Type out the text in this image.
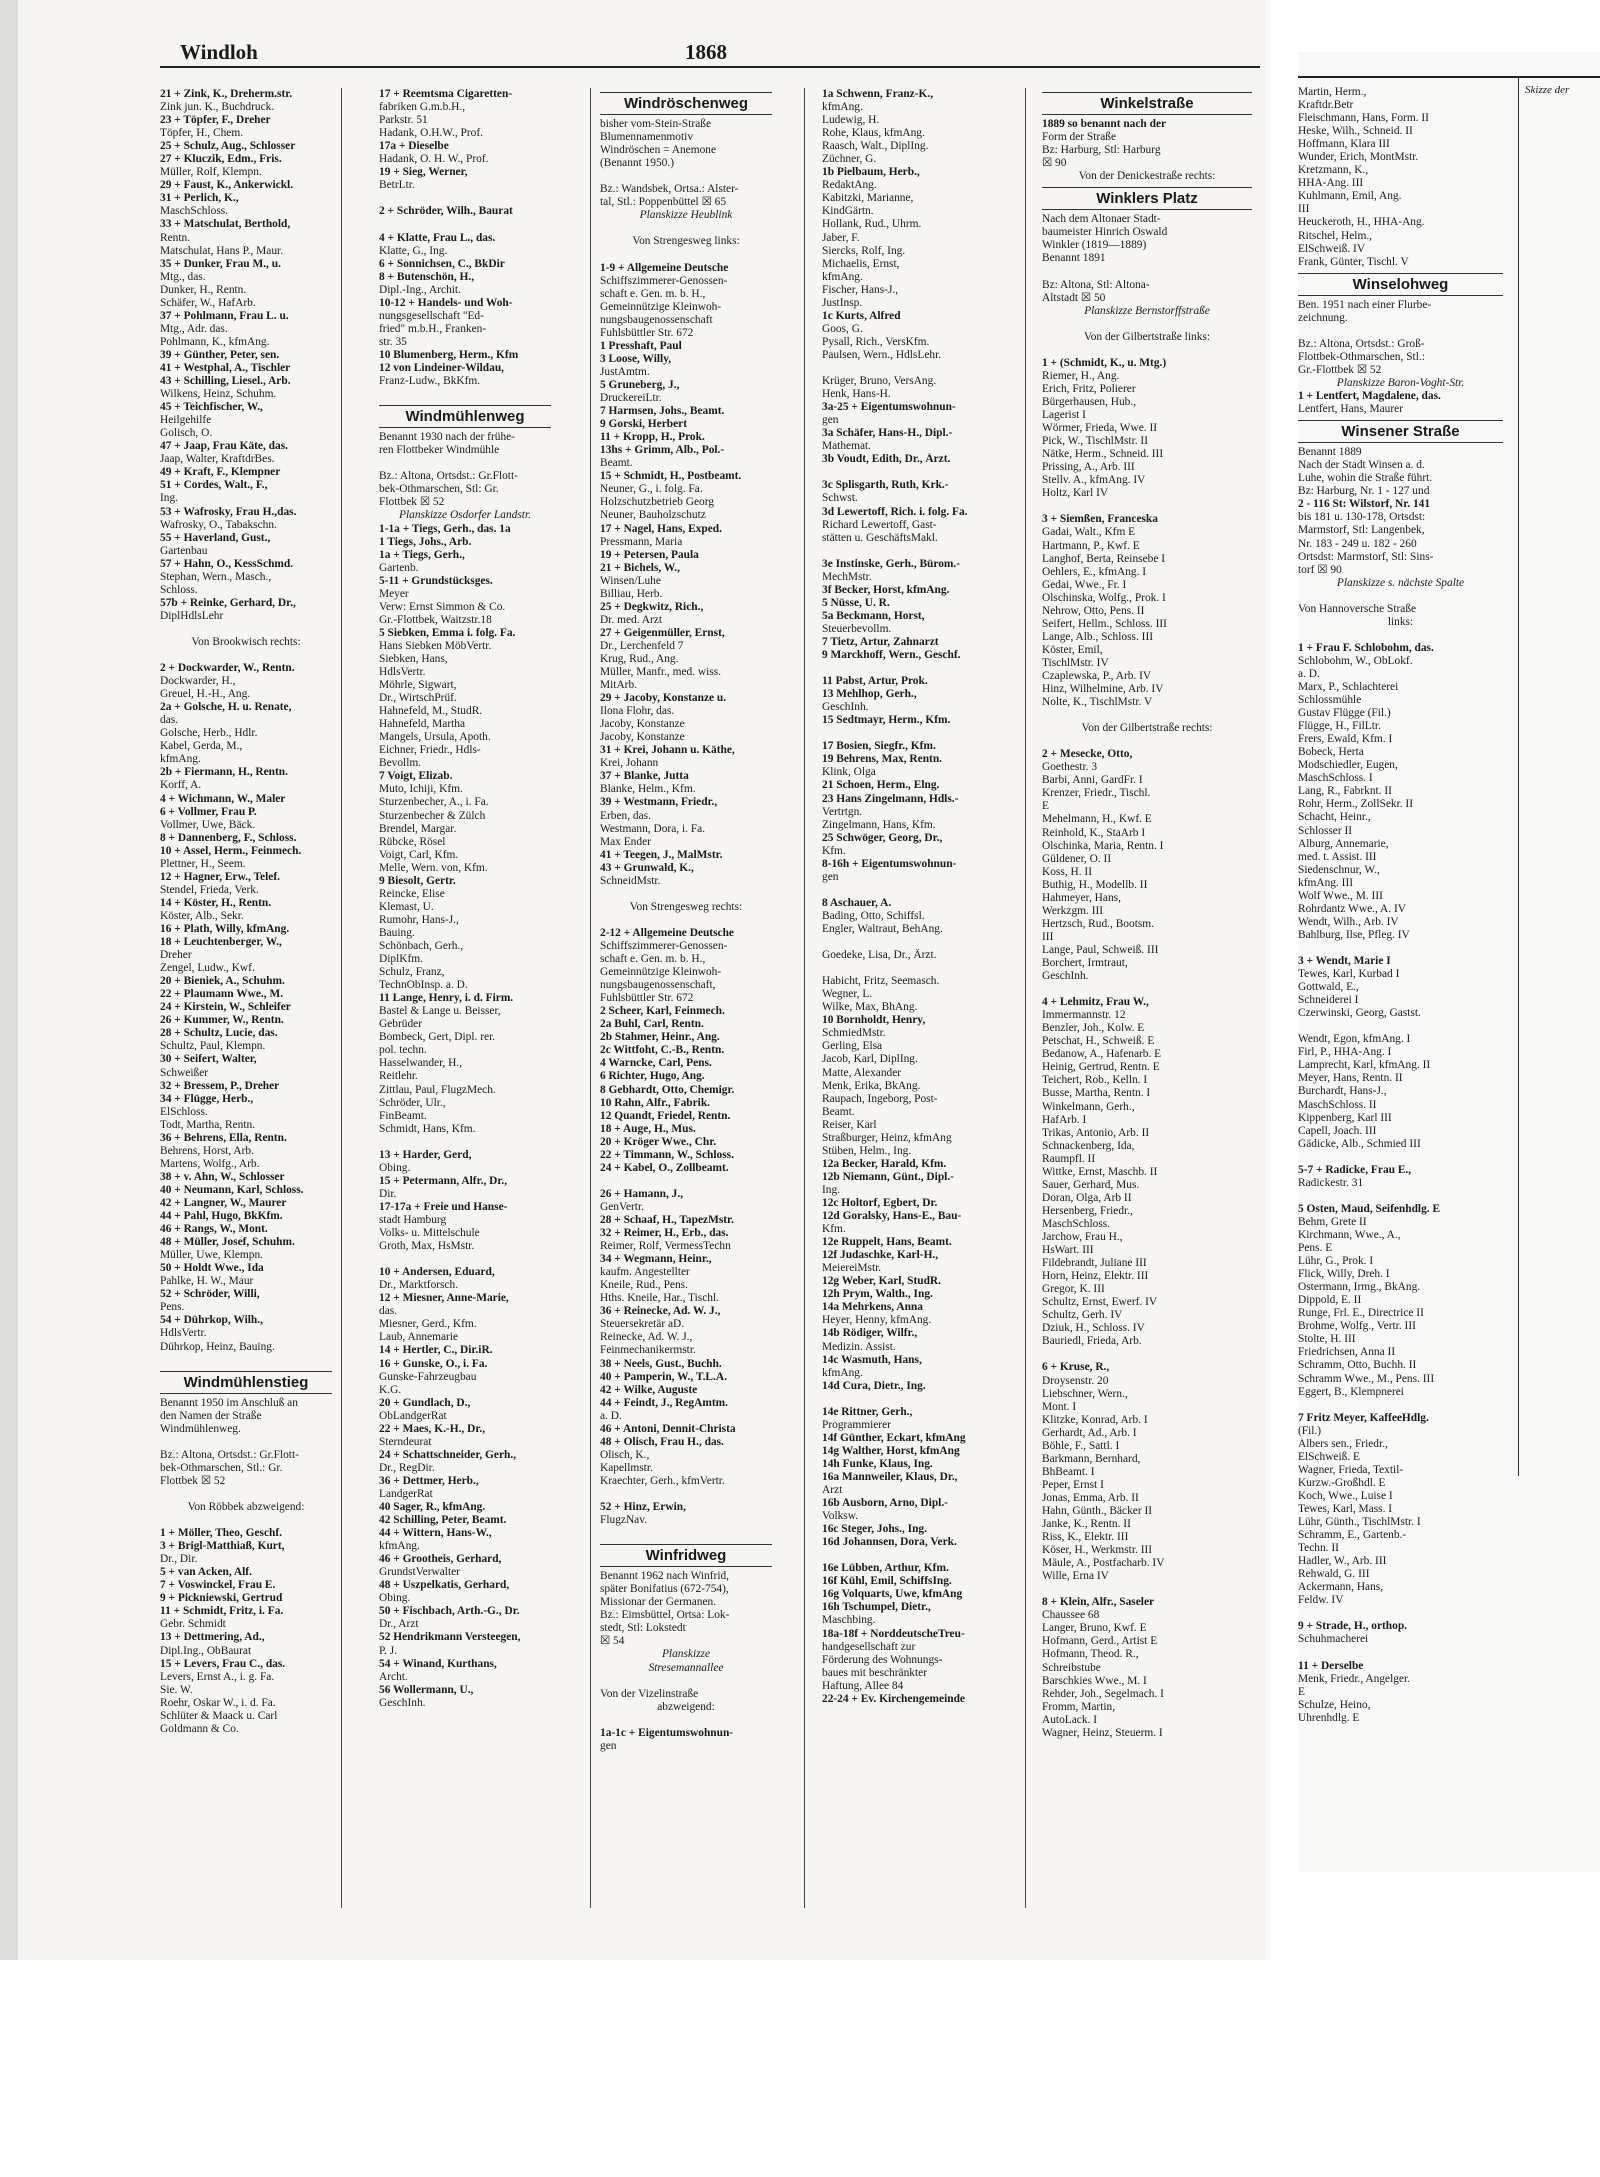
Windloh	1868
21 + Zink, K., Dreherm.str.
Zink jun. K., Buchdruck.
23 + Töpfer, F., Dreher
Töpfer, H., Chem.
25 + Schulz, Aug., Schlosser
27 + Kluczik, Edm., Fris.
Müller, Rolf, Klempn.
29 + Faust, K., Ankerwickl.
31 + Perlich, K.,
MaschSchloss.
33 + Matschulat, Berthold,
Rentn.
Matschulat, Hans P., Maur.
35 + Dunker, Frau M., u.
Mtg., das.
Dunker, H., Rentn.
Schäfer, W., HafArb.
37 + Pohlmann, Frau L. u.
Mtg., Adr. das.
Pohlmann, K., kfmAng.
39 + Günther, Peter, sen.
41 + Westphal, A., Tischler
43 + Schilling, Liesel., Arb.
Wilkens, Heinz, Schuhm.
45 + Teichfischer, W.,
Heilgehilfe
Golisch, O.
47 + Jaap, Frau Käte, das.
Jaap, Walter, KraftdrBes.
49 + Kraft, F., Klempner
51 + Cordes, Walt., F.,
Ing.
53 + Wafrosky, Frau H.,das.
Wafrosky, O., Tabakschn.
55 + Haverland, Gust.,
Gartenbau
57 + Hahn, O., KessSchmd.
Stephan, Wern., Masch.,
Schloss.
57b + Reinke, Gerhard, Dr.,
DiplHdlsLehr

Von Brookwisch rechts:

2 + Dockwarder, W., Rentn.
Dockwarder, H.,
Greuel, H.-H., Ang.
2a + Golsche, H. u. Renate,
das.
Golsche, Herb., Hdlr.
Kabel, Gerda, M.,
kfmAng.
2b + Fiermann, H., Rentn.
Korff, A.
4 + Wichmann, W., Maler
6 + Vollmer, Frau P.
Vollmer, Uwe, Bäck.
8 + Dannenberg, F., Schloss.
10 + Assel, Herm., Feinmech.
Plettner, H., Seem.
12 + Hagner, Erw., Telef.
Stendel, Frieda, Verk.
14 + Köster, H., Rentn.
Köster, Alb., Sekr.
16 + Plath, Willy, kfmAng.
18 + Leuchtenberger, W.,
Dreher
Zengel, Ludw., Kwf.
20 + Bieniek, A., Schuhm.
22 + Plaumann Wwe., M.
24 + Kirstein, W., Schleifer
26 + Kummer, W., Rentn.
28 + Schultz, Lucie, das.
Schultz, Paul, Klempn.
30 + Seifert, Walter,
Schweißer
32 + Bressem, P., Dreher
34 + Flügge, Herb.,
ElSchloss.
Todt, Martha, Rentn.
36 + Behrens, Ella, Rentn.
Behrens, Horst, Arb.
Martens, Wolfg., Arb.
38 + v. Ahn, W., Schlosser
40 + Neumann, Karl, Schloss.
42 + Langner, W., Maurer
44 + Pahl, Hugo, BkKfm.
46 + Rangs, W., Mont.
48 + Müller, Josef, Schuhm.
Müller, Uwe, Klempn.
50 + Holdt Wwe., Ida
Pahlke, H. W., Maur
52 + Schröder, Willi,
Pens.
54 + Dührkop, Wilh.,
HdlsVertr.
Dührkop, Heinz, Bauing.

Windmühlenstieg
Benannt 1950 im Anschluß an
den Namen der Straße
Windmühlenweg.

Bz.: Altona, Ortsdst.: Gr.Flott-
bek-Othmarschen, Stl.: Gr.
Flottbek ☒ 52

Von Röbbek abzweigend:

1 + Möller, Theo, Geschf.
3 + Brigl-Matthiaß, Kurt,
Dr., Dir.
5 + van Acken, Alf.
7 + Voswinckel, Frau E.
9 + Pickniewski, Gertrud
11 + Schmidt, Fritz, i. Fa.
Gebr. Schmidt
13 + Dettmering, Ad.,
Dipl.Ing., ObBaurat
15 + Levers, Frau C., das.
Levers, Ernst A., i. g. Fa.
Sie. W.
Roehr, Oskar W., i. d. Fa.
Schlüter & Maack u. Carl
Goldmann & Co.
17 + Reemtsma Cigaretten-
fabriken G.m.b.H.,
Parkstr. 51
Hadank, O.H.W., Prof.
17a + Dieselbe
Hadank, O. H. W., Prof.
19 + Sieg, Werner,
BetrLtr.

2 + Schröder, Wilh., Baurat

4 + Klatte, Frau L., das.
Klatte, G., Ing.
6 + Sonnichsen, C., BkDir
8 + Butenschön, H.,
Dipl.-Ing., Archit.
10-12 + Handels- und Woh-
nungsgesellschaft "Ed-
fried" m.b.H., Franken-
str. 35
10 Blumenberg, Herm., Kfm
12 von Lindeiner-Wildau,
Franz-Ludw., BkKfm.

Windmühlenweg
Benannt 1930 nach der frühe-
ren Flottbeker Windmühle

Bz.: Altona, Ortsdst.: Gr.Flott-
bek-Othmarschen, Stl: Gr.
Flottbek ☒ 52
Planskizze Osdorfer Landstr.
1-1a + Tiegs, Gerh., das. 1a
1 Tiegs, Johs., Arb.
1a + Tiegs, Gerh.,
Gartenb.
5-11 + Grundstücksges.
Meyer
Verw: Ernst Simmon & Co.
Gr.-Flottbek, Waitzstr.18
5 Siebken, Emma i. folg. Fa.
Hans Siebken MöbVertr.
Siebken, Hans,
HdlsVertr.
Möhrle, Sigwart,
Dr., WirtschPrüf.
Hahnefeld, M., StudR.
Hahnefeld, Martha
Mangels, Ursula, Apoth.
Eichner, Friedr., Hdls-
Bevollm.
7 Voigt, Elizab.
Muto, Ichiji, Kfm.
Sturzenbecher, A., i. Fa.
Sturzenbecher & Zülch
Brendel, Margar.
Rübcke, Rösel
Voigt, Carl, Kfm.
Melle, Wern. von, Kfm.
9 Biesolt, Gertr.
Reincke, Elise
Klemast, U.
Rumohr, Hans-J.,
Bauing.
Schönbach, Gerh.,
DiplKfm.
Schulz, Franz,
TechnObInsp. a. D.
11 Lange, Henry, i. d. Firm.
Bastel & Lange u. Beisser,
Gebrüder
Bombeck, Gert, Dipl. rer.
pol. techn.
Hasselwander, H.,
Reitlehr.
Zittlau, Paul, FlugzMech.
Schröder, Ulr.,
FinBeamt.
Schmidt, Hans, Kfm.

13 + Harder, Gerd,
Obing.
15 + Petermann, Alfr., Dr.,
Dir.
17-17a + Freie und Hanse-
stadt Hamburg
Volks- u. Mittelschule
Groth, Max, HsMstr.

10 + Andersen, Eduard,
Dr., Marktforsch.
12 + Miesner, Anne-Marie,
das.
Miesner, Gerd., Kfm.
Laub, Annemarie
14 + Hertler, C., Dir.iR.
16 + Gunske, O., i. Fa.
Gunske-Fahrzeugbau
K.G.
20 + Gundlach, D.,
ObLandgerRat
22 + Maes, K.-H., Dr.,
Sterndeurat
24 + Schattschneider, Gerh.,
Dr., RegDir.
36 + Dettmer, Herb.,
LandgerRat
40 Sager, R., kfmAng.
42 Schilling, Peter, Beamt.
44 + Wittern, Hans-W.,
kfmAng.
46 + Grootheis, Gerhard,
GrundstVerwalter
48 + Uszpelkatis, Gerhard,
Obing.
50 + Fischbach, Arth.-G., Dr.
Dr., Arzt
52 Hendrikmann Versteegen,
P. J.
54 + Winand, Kurthans,
Archt.
56 Wollermann, U.,
GeschInh.
Windröschenweg
bisher vom-Stein-Straße
Blumennamenmotiv
Windröschen = Anemone
(Benannt 1950.)

Bz.: Wandsbek, Ortsa.: Alster-
tal, Stl.: Poppenbüttel ☒ 65
Planskizze Heublink

Von Strengesweg links:

1-9 + Allgemeine Deutsche
Schiffszimmerer-Genossen-
schaft e. Gen. m. b. H.,
Gemeinnützige Kleinwoh-
nungsbaugenossenschaft
Fuhlsbüttler Str. 672
1 Presshaft, Paul
3 Loose, Willy,
JustAmtm.
5 Gruneberg, J.,
DruckereiLtr.
7 Harmsen, Johs., Beamt.
9 Gorski, Herbert
11 + Kropp, H., Prok.
13hs + Grimm, Alb., Pol.-
Beamt.
15 + Schmidt, H., Postbeamt.
Neuner, G., i. folg. Fa.
Holzschutzbetrieb Georg
Neuner, Bauholzschutz
17 + Nagel, Hans, Exped.
Pressmann, Maria
19 + Petersen, Paula
21 + Bichels, W.,
Winsen/Luhe
Billiau, Herb.
25 + Degkwitz, Rich.,
Dr. med. Arzt
27 + Geigenmüller, Ernst,
Dr., Lerchenfeld 7
Krug, Rud., Ang.
Müller, Manfr., med. wiss.
MitArb.
29 + Jacoby, Konstanze u.
Ilona Flohr, das.
Jacoby, Konstanze
Jacoby, Konstanze
31 + Krei, Johann u. Käthe,
Krei, Johann
37 + Blanke, Jutta
Blanke, Helm., Kfm.
39 + Westmann, Friedr.,
Erben, das.
Westmann, Dora, i. Fa.
Max Ender
41 + Teegen, J., MalMstr.
43 + Grunwald, K.,
SchneidMstr.

Von Strengesweg rechts:

2-12 + Allgemeine Deutsche
Schiffszimmerer-Genossen-
schaft e. Gen. m. b. H.,
Gemeinnützige Kleinwoh-
nungsbaugenossenschaft,
Fuhlsbüttler Str. 672
2 Scheer, Karl, Feinmech.
2a Buhl, Carl, Rentn.
2b Stahmer, Heinr., Ang.
2c Wittfoht, C.-B., Rentn.
4 Warncke, Carl, Pens.
6 Richter, Hugo, Ang.
8 Gebhardt, Otto, Chemigr.
10 Rahn, Alfr., Fabrik.
12 Quandt, Friedel, Rentn.
18 + Auge, H., Mus.
20 + Kröger Wwe., Chr.
22 + Timmann, W., Schloss.
24 + Kabel, O., Zollbeamt.

26 + Hamann, J.,
GenVertr.
28 + Schaaf, H., TapezMstr.
32 + Reimer, H., Erb., das.
Reimer, Rolf, VermessTechn
34 + Wegmann, Heinr.,
kaufm. Angestellter
Kneile, Rud., Pens.
Hths. Kneile, Har., Tischl.
36 + Reinecke, Ad. W. J.,
Steuersekretär aD.
Reinecke, Ad. W. J.,
Feinmechanikermstr.
38 + Neels, Gust., Buchh.
40 + Pamperin, W., T.L.A.
42 + Wilke, Auguste
44 + Feindt, J., RegAmtm.
a. D.
46 + Antoni, Dennit-Christa
48 + Olisch, Frau H., das.
Olisch, K.,
Kapellmstr.
Kraechter, Gerh., kfmVertr.

52 + Hinz, Erwin,
FlugzNav.

Winfridweg
Benannt 1962 nach Winfrid,
später Bonifatius (672-754),
Missionar der Germanen.
Bz.: Eimsbüttel, Ortsa: Lok-
stedt, Stl: Lokstedt
☒ 54
Planskizze
Stresemannallee

Von der Vizelinstraße
abzweigend:

1a-1c + Eigentumswohnun-
gen
1a Schwenn, Franz-K.,
kfmAng.
Ludewig, H.
Rohe, Klaus, kfmAng.
Raasch, Walt., DiplIng.
Züchner, G.
1b Pielbaum, Herb.,
RedaktAng.
Kabitzki, Marianne,
KindGärtn.
Hollank, Rud., Uhrm.
Jaber, F.
Siercks, Rolf, Ing.
Michaelis, Ernst,
kfmAng.
Fischer, Hans-J.,
JustInsp.
1c Kurts, Alfred
Goos, G.
Pysall, Rich., VersKfm.
Paulsen, Wern., HdlsLehr.

Krüger, Bruno, VersAng.
Henk, Hans-H.
3a-25 + Eigentumswohnun-
gen
3a Schäfer, Hans-H., Dipl.-
Mathemat.
3b Voudt, Edith, Dr., Ärzt.

3c Splisgarth, Ruth, Krk.-
Schwst.
3d Lewertoff, Rich. i. folg. Fa.
Richard Lewertoff, Gast-
stätten u. GeschäftsMakl.

3e Instinske, Gerh., Bürom.-
MechMstr.
3f Becker, Horst, kfmAng.
5 Nüsse, U. R.
5a Beckmann, Horst,
Steuerbevollm.
7 Tietz, Artur, Zahnarzt
9 Marckhoff, Wern., Geschf.

11 Pabst, Artur, Prok.
13 Mehlhop, Gerh.,
GeschInh.
15 Sedtmayr, Herm., Kfm.

17 Bosien, Siegfr., Kfm.
19 Behrens, Max, Rentn.
Klink, Olga
21 Schoen, Herm., Elng.
23 Hans Zingelmann, Hdls.-
Vertrtgn.
Zingelmann, Hans, Kfm.
25 Schwöger, Georg, Dr.,
Kfm.
8-16h + Eigentumswohnun-
gen

8 Aschauer, A.
Bading, Otto, Schiffsl.
Engler, Waltraut, BehAng.

Goedeke, Lisa, Dr., Ärzt.

Habicht, Fritz, Seemasch.
Wegner, L.
Wilke, Max, BhAng.
10 Bornholdt, Henry,
SchmiedMstr.
Gerling, Elsa
Jacob, Karl, DiplIng.
Matte, Alexander
Menk, Erika, BkAng.
Raupach, Ingeborg, Post-
Beamt.
Reiser, Karl
Straßburger, Heinz, kfmAng
Stüben, Helm., Ing.
12a Becker, Harald, Kfm.
12b Niemann, Günt., Dipl.-
Ing.
12c Holtorf, Egbert, Dr.
12d Goralsky, Hans-E., Bau-
Kfm.
12e Ruppelt, Hans, Beamt.
12f Judaschke, Karl-H.,
MeiereiMstr.
12g Weber, Karl, StudR.
12h Prym, Walth., Ing.
14a Mehrkens, Anna
Heyer, Henny, kfmAng.
14b Rödiger, Wilfr.,
Medizin. Assist.
14c Wasmuth, Hans,
kfmAng.
14d Cura, Dietr., Ing.

14e Rittner, Gerh.,
Programmierer
14f Günther, Eckart, kfmAng
14g Walther, Horst, kfmAng
14h Funke, Klaus, Ing.
16a Mannweiler, Klaus, Dr.,
Arzt
16b Ausborn, Arno, Dipl.-
Volksw.
16c Steger, Johs., Ing.
16d Johannsen, Dora, Verk.

16e Lübben, Arthur, Kfm.
16f Kühl, Emil, SchiffsIng.
16g Volquarts, Uwe, kfmAng
16h Tschumpel, Dietr.,
Maschbing.
18a-18f + NorddeutscheTreu-
handgesellschaft zur
Förderung des Wohnungs-
baues mit beschränkter
Haftung, Allee 84
22-24 + Ev. Kirchengemeinde
Winkelstraße
1889 so benannt nach der
Form der Straße
Bz: Harburg, Stl: Harburg
☒ 90
Von der Denickestraße rechts:
Winklers Platz
Nach dem Altonaer Stadt-
baumeister Hinrich Oswald
Winkler (1819—1889)
Benannt 1891

Bz: Altona, Stl: Altona-
Altstadt ☒ 50
Planskizze Bernstorffstraße

Von der Gilbertstraße links:

1 + (Schmidt, K., u. Mtg.)
Riemer, H., Ang.
Erich, Fritz, Polierer
Bürgerhausen, Hub.,
Lagerist I
Wörmer, Frieda, Wwe. II
Pick, W., TischlMstr. II
Nätke, Herm., Schneid. III
Prissing, A., Arb. III
Stellv. A., kfmAng. IV
Holtz, Karl IV

3 + Siemßen, Franceska
Gadai, Walt., Kfm E
Hartmann, P., Kwf. E
Langhof, Berta, Reinsebe I
Oehlers, E., kfmAng. I
Gedai, Wwe., Fr. I
Olschinska, Wolfg., Prok. I
Nehrow, Otto, Pens. II
Seifert, Hellm., Schloss. III
Lange, Alb., Schloss. III
Köster, Emil,
TischlMstr. IV
Czaplewska, P., Arb. IV
Hinz, Wilhelmine, Arb. IV
Nolte, K., TischlMstr. V

Von der Gilbertstraße rechts:

2 + Mesecke, Otto,
Goethestr. 3
Barbi, Anni, GardFr. I
Krenzer, Friedr., Tischl.
E
Mehelmann, H., Kwf. E
Reinhold, K., StaArb I
Olschinka, Maria, Rentn. I
Güldener, O. II
Koss, H. II
Buthig, H., Modellb. II
Hahmeyer, Hans,
Werkzgm. III
Hertzsch, Rud., Bootsm.
III
Lange, Paul, Schweiß. III
Borchert, Irmtraut,
GeschInh.

4 + Lehmitz, Frau W.,
Immermannstr. 12
Benzler, Joh., Kolw. E
Petschat, H., Schweiß. E
Bedanow, A., Hafenarb. E
Heinig, Gertrud, Rentn. E
Teichert, Rob., Kelln. I
Busse, Martha, Rentn. I
Winkelmann, Gerh.,
HafArb. I
Trikas, Antonio, Arb. II
Schnackenberg, Ida,
Raumpfl. II
Wittke, Ernst, Maschb. II
Sauer, Gerhard, Mus.
Doran, Olga, Arb II
Hersenberg, Friedr.,
MaschSchloss.
Jarchow, Frau H.,
HsWart. III
Fildebrandt, Juliane III
Horn, Heinz, Elektr. III
Gregor, K. III
Schultz, Ernst, Ewerf. IV
Schultz, Gerh. IV
Dziuk, H., Schloss. IV
Bauriedl, Frieda, Arb.

6 + Kruse, R.,
Droysenstr. 20
Liebschner, Wern.,
Mont. I
Klitzke, Konrad, Arb. I
Gerhardt, Ad., Arb. I
Böhle, F., Sattl. I
Barkmann, Bernhard,
BhBeamt. I
Peper, Ernst I
Jonas, Emma, Arb. II
Hahn, Günth., Bäcker II
Janke, K., Rentn. II
Riss, K., Elektr. III
Köser, H., Werkmstr. III
Mäule, A., Postfacharb. IV
Wille, Erna IV

8 + Klein, Alfr., Saseler
Chaussee 68
Langer, Bruno, Kwf. E
Hofmann, Gerd., Artist E
Hofmann, Theod. R.,
Schreibstube
Barschkies Wwe., M. I
Rehder, Joh., Segelmach. I
Fromm, Martin,
AutoLack. I
Wagner, Heinz, Steuerm. I
Martin, Herm.,
Kraftdr.Betr
Fleischmann, Hans, Form. II
Heske, Wilh., Schneid. II
Hoffmann, Klara III
Wunder, Erich, MontMstr.
Kretzmann, K.,
HHA-Ang. III
Kuhlmann, Emil, Ang.
III
Heuckeroth, H., HHA-Ang.
Ritschel, Helm.,
ElSchweiß. IV
Frank, Günter, Tischl. V
Winselohweg
Ben. 1951 nach einer Flurbe-
zeichnung.

Bz.: Altona, Ortsdst.: Groß-
Flottbek-Othmarschen, Stl.:
Gr.-Flottbek ☒ 52
Planskizze Baron-Voght-Str.
1 + Lentfert, Magdalene, das.
Lentfert, Hans, Maurer
Winsener Straße
Benannt 1889
Nach der Stadt Winsen a. d.
Luhe, wohin die Straße führt.
Bz: Harburg, Nr. 1 - 127 und
2 - 116 St: Wilstorf, Nr. 141
bis 181 u. 130-178, Ortsdst:
Marmstorf, Stl: Langenbek,
Nr. 183 - 249 u. 182 - 260
Ortsdst: Marmstorf, Stl: Sins-
torf ☒ 90
Planskizze s. nächste Spalte

Von Hannoversche Straße
links:

1 + Frau F. Schlobohm, das.
Schlobohm, W., ObLokf.
a. D.
Marx, P., Schlachterei
Schlossmühle
Gustav Flügge (Fil.)
Flügge, H., FilLtr.
Frers, Ewald, Kfm. I
Bobeck, Herta
Modschiedler, Eugen,
MaschSchloss. I
Lang, R., Fabrknt. II
Rohr, Herm., ZollSekr. II
Schacht, Heinr.,
Schlosser II
Alburg, Annemarie,
med. t. Assist. III
Siedenschnur, W.,
kfmAng. III
Wolf Wwe., M. III
Rohrdantz Wwe., A. IV
Wendt, Wilh., Arb. IV
Bahlburg, Ilse, Pfleg. IV

3 + Wendt, Marie I
Tewes, Karl, Kurbad I
Gottwald, E.,
Schneiderei I
Czerwinski, Georg, Gastst.

Wendt, Egon, kfmAng. I
Firl, P., HHA-Ang. I
Lamprecht, Karl, kfmAng. II
Meyer, Hans, Rentn. II
Burchardt, Hans-J.,
MaschSchloss. II
Kippenberg, Karl III
Capell, Joach. III
Gädicke, Alb., Schmied III

5-7 + Radicke, Frau E.,
Radickestr. 31

5 Osten, Maud, Seifenhdlg. E
Behm, Grete II
Kirchmann, Wwe., A.,
Pens. E
Lühr, G., Prok. I
Flick, Willy, Dreh. I
Ostermann, Irmg., BkAng.
Dippold, E. II
Runge, Frl. E., Directrice II
Brohme, Wolfg., Vertr. III
Stolte, H. III
Friedrichsen, Anna II
Schramm, Otto, Buchh. II
Schramm Wwe., M., Pens. III
Eggert, B., Klempnerei

7 Fritz Meyer, KaffeeHdlg.
(Fil.)
Albers sen., Friedr.,
ElSchweiß. E
Wagner, Frieda, Textil-
Kurzw.-Großhdl. E
Koch, Wwe., Luise I
Tewes, Karl, Mass. I
Lühr, Günth., TischlMstr. I
Schramm, E., Gartenb.-
Techn. II
Hadler, W., Arb. III
Rehwald, G. III
Ackermann, Hans,
Feldw. IV

9 + Strade, H., orthop.
Schuhmacherei

11 + Derselbe
Menk, Friedr., Angelger.
E
Schulze, Heino,
Uhrenhdlg. E
Skizze der
